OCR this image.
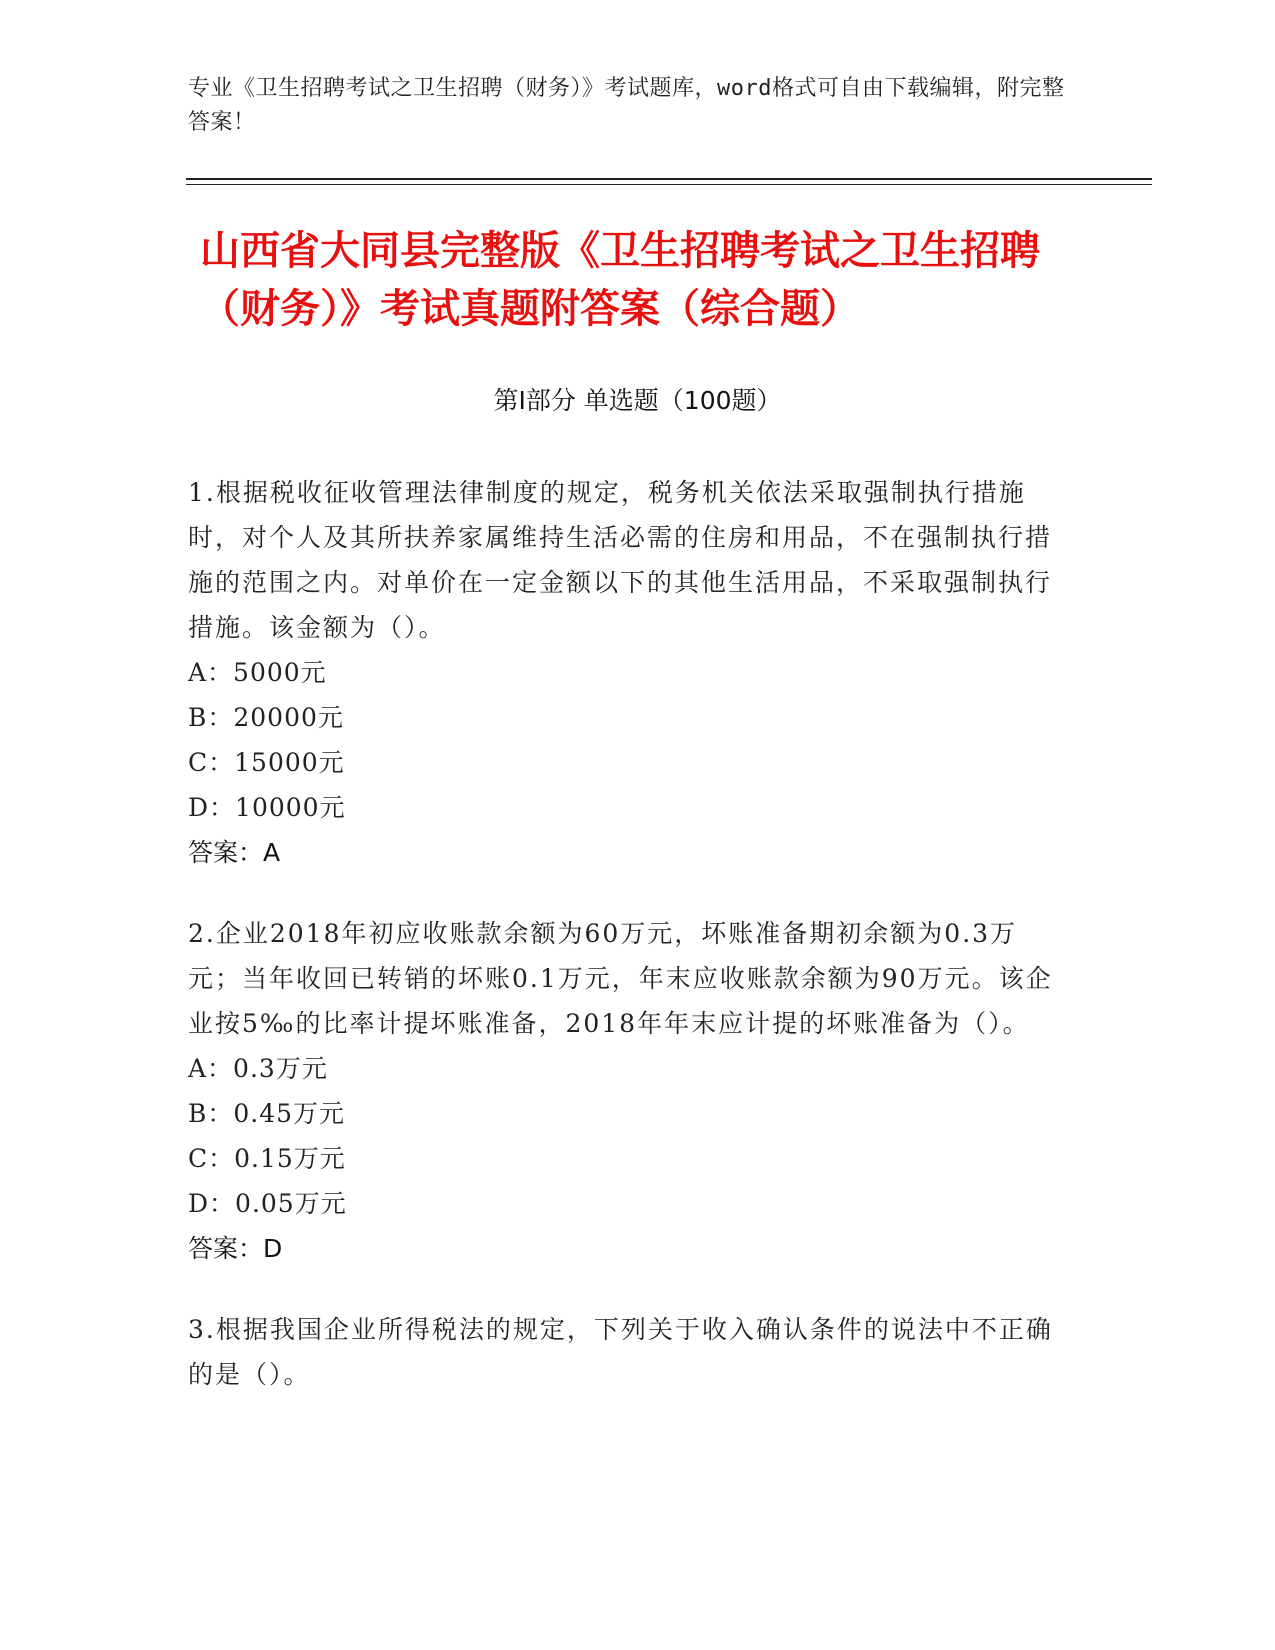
专业《卫生招聘考试之卫生招聘（财务）》考试题库，word格式可自由下载编辑，附完整答案！
山西省大同县完整版《卫生招聘考试之卫生招聘（财务）》考试真题附答案（综合题）
第Ⅰ部分 单选题（100题）
1.根据税收征收管理法律制度的规定，税务机关依法采取强制执行措施时，对个人及其所扶养家属维持生活必需的住房和用品，不在强制执行措施的范围之内。对单价在一定金额以下的其他生活用品，不采取强制执行措施。该金额为（）。
A：5000元
B：20000元
C：15000元
D：10000元
答案：A
2.企业2018年初应收账款余额为60万元，坏账准备期初余额为0.3万元；当年收回已转销的坏账0.1万元，年末应收账款余额为90万元。该企业按5‰的比率计提坏账准备，2018年年末应计提的坏账准备为（）。
A：0.3万元
B：0.45万元
C：0.15万元
D：0.05万元
答案：D
3.根据我国企业所得税法的规定，下列关于收入确认条件的说法中不正确的是（）。
